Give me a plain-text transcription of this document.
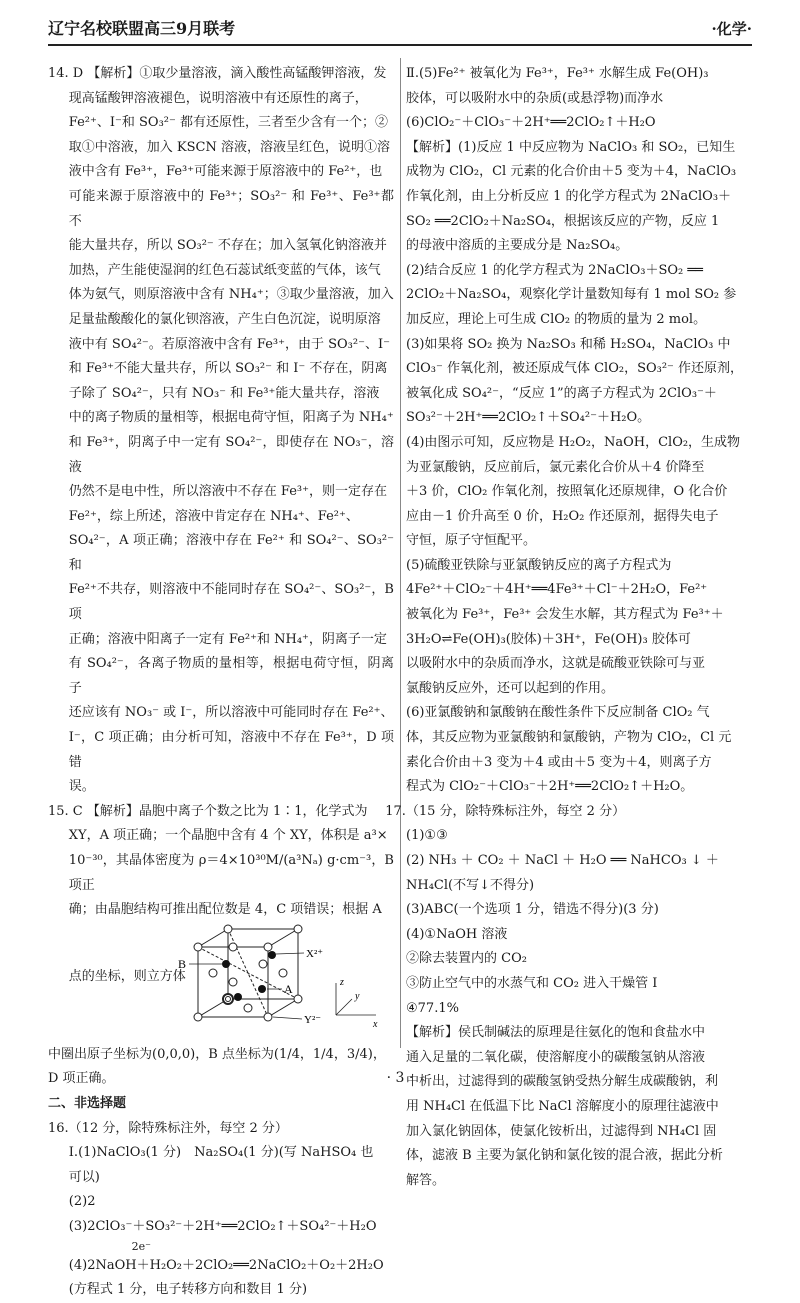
辽宁名校联盟高三9月联考	·化学·

14. D 【解析】①取少量溶液，滴入酸性高锰酸钾溶液，发

现高锰酸钾溶液褪色，说明溶液中有还原性的离子，

Fe²⁺、I⁻和 SO₃²⁻ 都有还原性，三者至少含有一个；②

取①中溶液，加入 KSCN 溶液，溶液呈红色，说明①溶

液中含有 Fe³⁺，Fe³⁺可能来源于原溶液中的 Fe²⁺，也

可能来源于原溶液中的 Fe³⁺；SO₃²⁻ 和 Fe³⁺、Fe³⁺都不

能大量共存，所以 SO₃²⁻ 不存在；加入氢氧化钠溶液并

加热，产生能使湿润的红色石蕊试纸变蓝的气体，该气

体为氨气，则原溶液中含有 NH₄⁺；③取少量溶液，加入

足量盐酸酸化的氯化钡溶液，产生白色沉淀，说明原溶

液中有 SO₄²⁻。若原溶液中含有 Fe³⁺，由于 SO₃²⁻、I⁻

和 Fe³⁺不能大量共存，所以 SO₃²⁻ 和 I⁻ 不存在，阴离

子除了 SO₄²⁻，只有 NO₃⁻ 和 Fe³⁺能大量共存，溶液

中的离子物质的量相等，根据电荷守恒，阳离子为 NH₄⁺

和 Fe³⁺，阴离子中一定有 SO₄²⁻，即使存在 NO₃⁻，溶液

仍然不是电中性，所以溶液中不存在 Fe³⁺，则一定存在

Fe²⁺，综上所述，溶液中肯定存在 NH₄⁺、Fe²⁺、

SO₄²⁻，A 项正确；溶液中存在 Fe²⁺ 和 SO₄²⁻、SO₃²⁻ 和

Fe²⁺不共存，则溶液中不能同时存在 SO₄²⁻、SO₃²⁻，B 项

正确；溶液中阳离子一定有 Fe²⁺和 NH₄⁺，阴离子一定

有 SO₄²⁻，各离子物质的量相等，根据电荷守恒，阴离子

还应该有 NO₃⁻ 或 I⁻，所以溶液中可能同时存在 Fe²⁺、

I⁻，C 项正确；由分析可知，溶液中不存在 Fe³⁺，D 项错

误。

15. C 【解析】晶胞中离子个数之比为 1∶1，化学式为

XY，A 项正确；一个晶胞中含有 4 个 XY，体积是 a³×

10⁻³⁰，其晶体密度为 ρ＝4×10³⁰M/(a³Nₐ) g·cm⁻³，B 项正

确；由晶胞结构可推出配位数是 4，C 项错误；根据 A

点的坐标，则立方体
B
X²⁺
A
Y²⁻	x
y
z

中圈出原子坐标为(0,0,0)，B 点坐标为(1/4，1/4，3/4)，

D 项正确。

二、非选择题

16.（12 分，除特殊标注外，每空 2 分）

Ⅰ.(1)NaClO₃(1 分)　Na₂SO₄(1 分)(写 NaHSO₄ 也

可以)

(2)2

(3)2ClO₃⁻＋SO₃²⁻＋2H⁺══2ClO₂↑＋SO₄²⁻＋H₂O

　　　　　　2e⁻

(4)2NaOH＋H₂O₂＋2ClO₂══2NaClO₂＋O₂＋2H₂O

(方程式 1 分，电子转移方向和数目 1 分)

Ⅱ.(5)Fe²⁺ 被氧化为 Fe³⁺，Fe³⁺ 水解生成 Fe(OH)₃

胶体，可以吸附水中的杂质(或悬浮物)而净水

(6)ClO₂⁻＋ClO₃⁻＋2H⁺══2ClO₂↑＋H₂O

【解析】(1)反应 1 中反应物为 NaClO₃ 和 SO₂，已知生

成物为 ClO₂，Cl 元素的化合价由＋5 变为＋4，NaClO₃

作氧化剂，由上分析反应 1 的化学方程式为 2NaClO₃＋

SO₂ ══2ClO₂＋Na₂SO₄，根据该反应的产物，反应 1

的母液中溶质的主要成分是 Na₂SO₄。

(2)结合反应 1 的化学方程式为 2NaClO₃＋SO₂ ══

2ClO₂＋Na₂SO₄，观察化学计量数知每有 1 mol SO₂ 参

加反应，理论上可生成 ClO₂ 的物质的量为 2 mol。

(3)如果将 SO₂ 换为 Na₂SO₃ 和稀 H₂SO₄，NaClO₃ 中

ClO₃⁻ 作氧化剂，被还原成气体 ClO₂，SO₃²⁻ 作还原剂，

被氧化成 SO₄²⁻，“反应 1”的离子方程式为 2ClO₃⁻＋

SO₃²⁻＋2H⁺══2ClO₂↑＋SO₄²⁻＋H₂O。

(4)由图示可知，反应物是 H₂O₂，NaOH，ClO₂，生成物

为亚氯酸钠，反应前后，氯元素化合价从＋4 价降至

＋3 价，ClO₂ 作氧化剂，按照氧化还原规律，O 化合价

应由－1 价升高至 0 价，H₂O₂ 作还原剂，据得失电子

守恒，原子守恒配平。

(5)硫酸亚铁除与亚氯酸钠反应的离子方程式为

4Fe²⁺＋ClO₂⁻＋4H⁺══4Fe³⁺＋Cl⁻＋2H₂O，Fe²⁺

被氧化为 Fe³⁺，Fe³⁺ 会发生水解，其方程式为 Fe³⁺＋

3H₂O⇌Fe(OH)₃(胶体)＋3H⁺，Fe(OH)₃ 胶体可

以吸附水中的杂质而净水，这就是硫酸亚铁除可与亚

氯酸钠反应外，还可以起到的作用。

(6)亚氯酸钠和氯酸钠在酸性条件下反应制备 ClO₂ 气

体，其反应物为亚氯酸钠和氯酸钠，产物为 ClO₂，Cl 元

素化合价由＋3 变为＋4 或由＋5 变为＋4，则离子方

程式为 ClO₂⁻＋ClO₃⁻＋2H⁺══2ClO₂↑＋H₂O。

17.（15 分，除特殊标注外，每空 2 分）

(1)①③

(2) NH₃ ＋ CO₂ ＋ NaCl ＋ H₂O ══ NaHCO₃ ↓ ＋

NH₄Cl(不写↓不得分)

(3)ABC(一个选项 1 分，错选不得分)(3 分)

(4)①NaOH 溶液

②除去装置内的 CO₂

③防止空气中的水蒸气和 CO₂ 进入干燥管 Ⅰ

④77.1%

【解析】侯氏制碱法的原理是往氨化的饱和食盐水中

通入足量的二氧化碳，使溶解度小的碳酸氢钠从溶液

中析出，过滤得到的碳酸氢钠受热分解生成碳酸钠，利

用 NH₄Cl 在低温下比 NaCl 溶解度小的原理往滤液中

加入氯化钠固体，使氯化铵析出，过滤得到 NH₄Cl 固

体，滤液 B 主要为氯化钠和氯化铵的混合液，据此分析

解答。

· 3 ·
